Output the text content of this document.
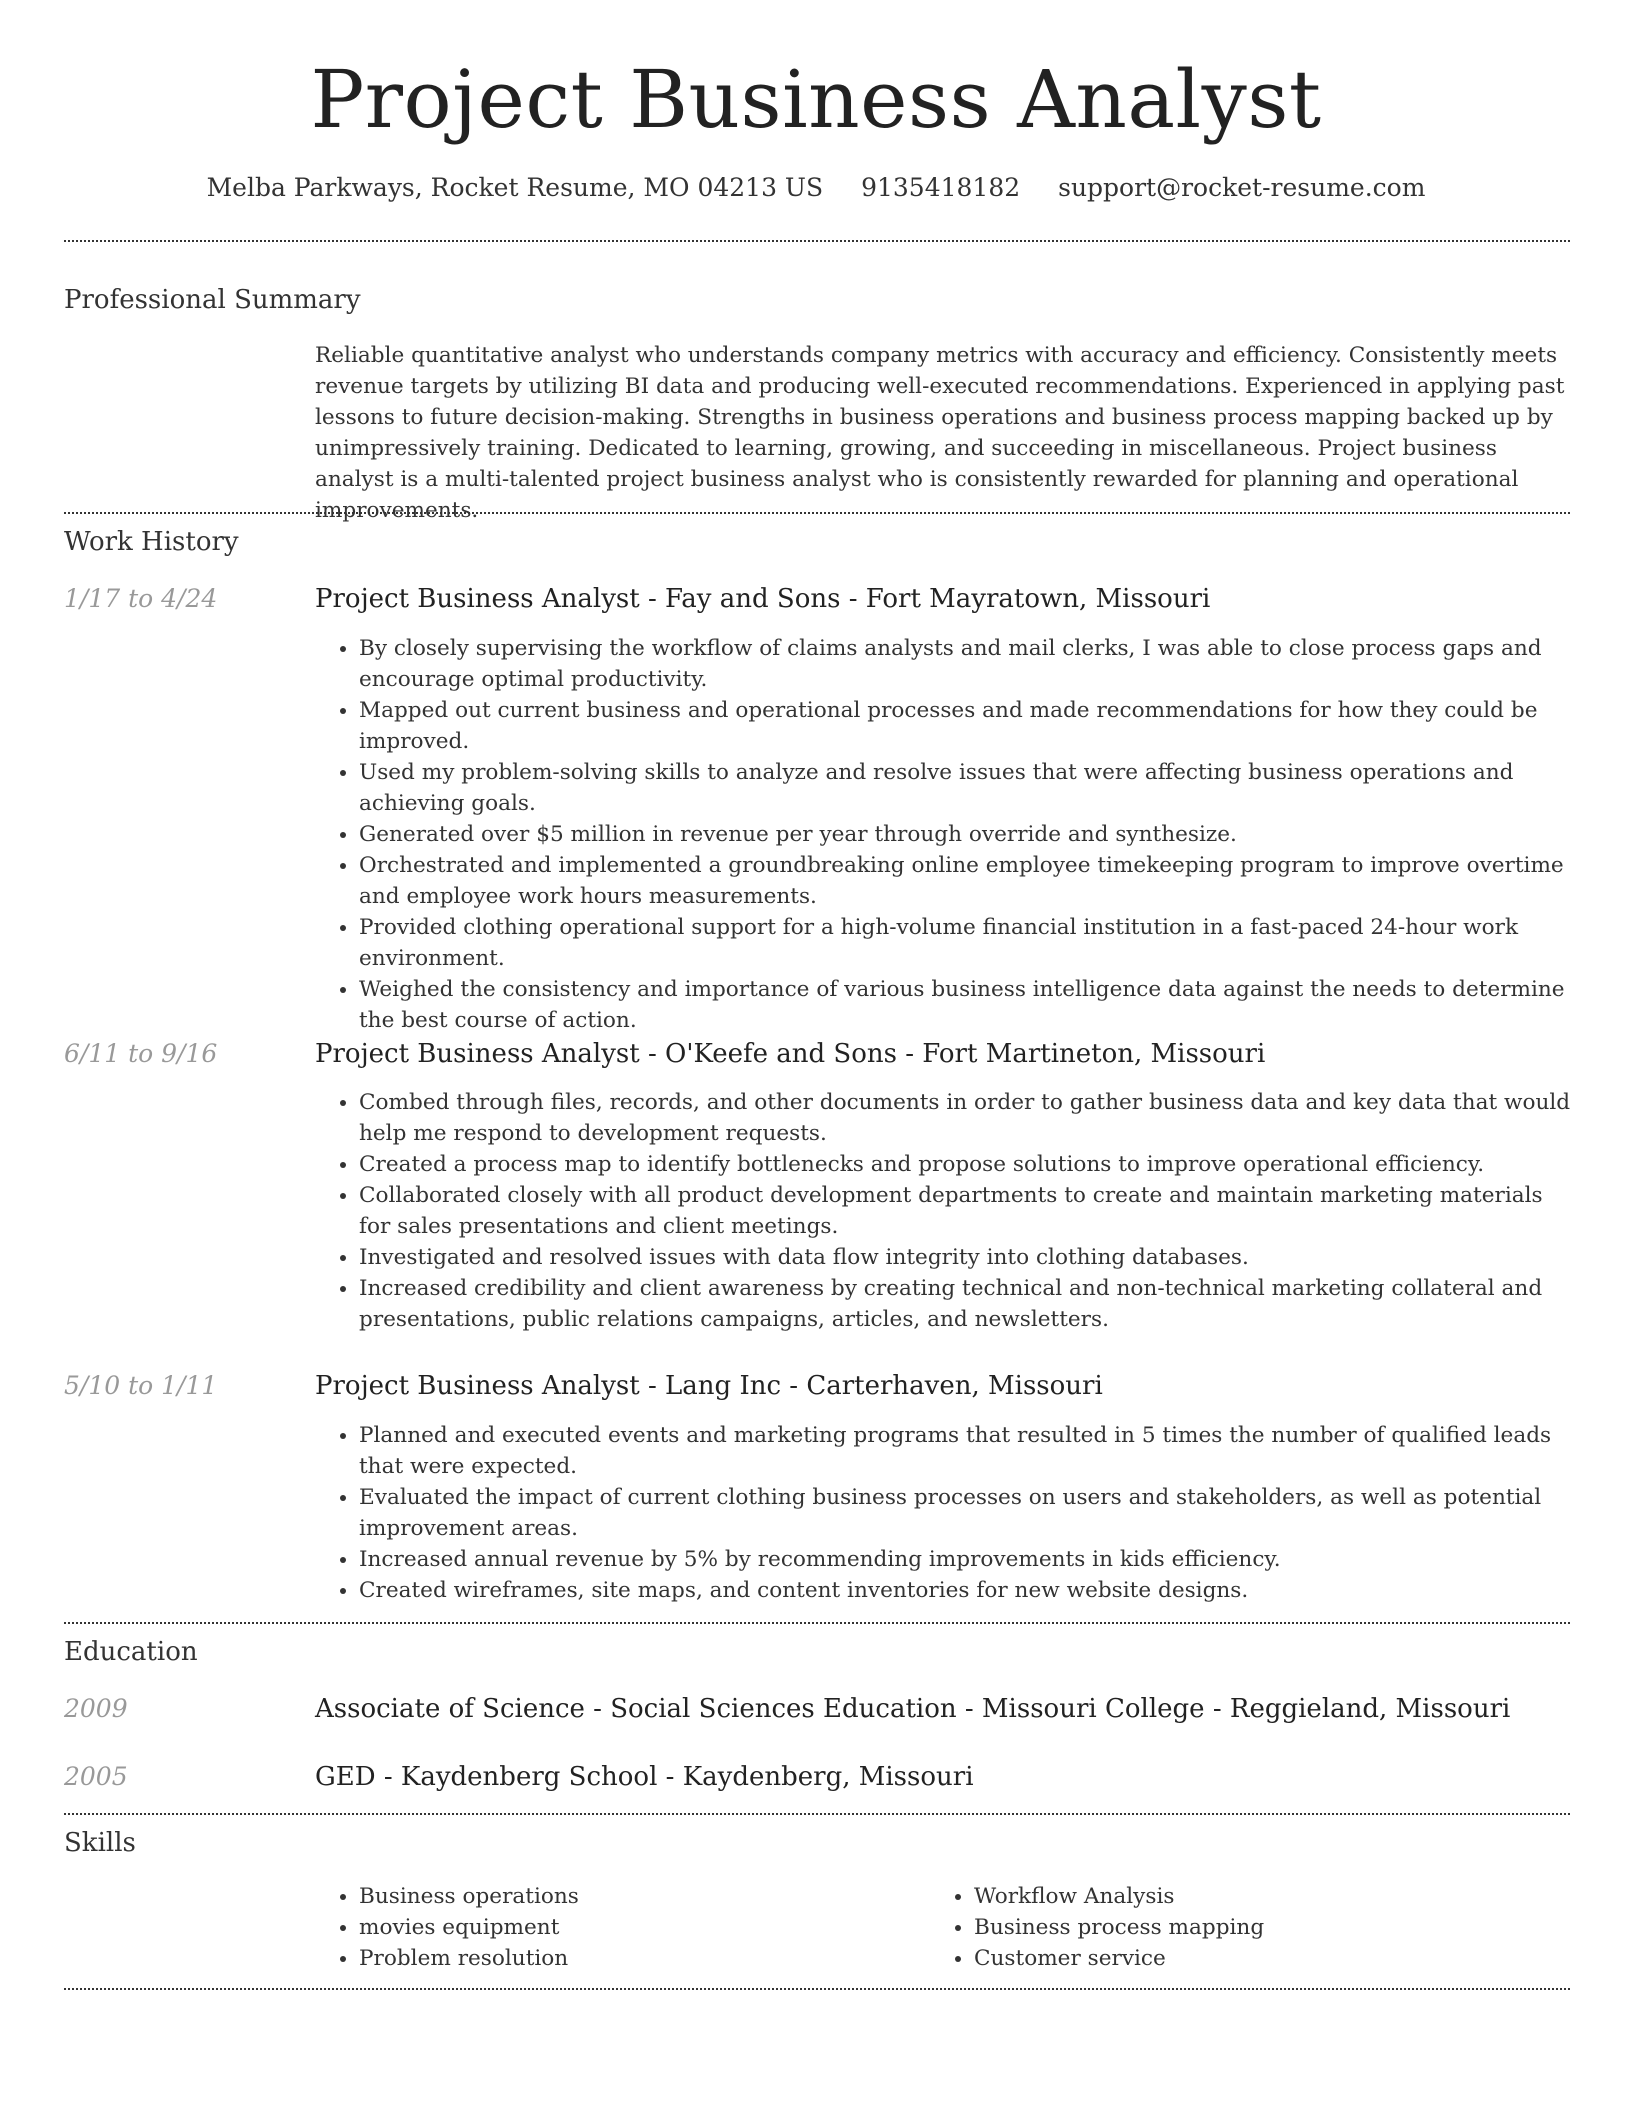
Project Business Analyst
Melba Parkways, Rocket Resume, MO 04213 US 9135418182 support@rocket-resume.com
Professional Summary
Reliable quantitative analyst who understands company metrics with accuracy and efficiency. Consistently meets revenue targets by utilizing BI data and producing well-executed recommendations. Experienced in applying past lessons to future decision-making. Strengths in business operations and business process mapping backed up by unimpressively training. Dedicated to learning, growing, and succeeding in miscellaneous. Project business analyst is a multi-talented project business analyst who is consistently rewarded for planning and operational improvements.
Work History
1/17 to 4/24	Project Business Analyst - Fay and Sons - Fort Mayratown, Missouri
• By closely supervising the workflow of claims analysts and mail clerks, I was able to close process gaps and encourage optimal productivity.
• Mapped out current business and operational processes and made recommendations for how they could be improved.
• Used my problem-solving skills to analyze and resolve issues that were affecting business operations and achieving goals.
• Generated over $5 million in revenue per year through override and synthesize.
• Orchestrated and implemented a groundbreaking online employee timekeeping program to improve overtime and employee work hours measurements.
• Provided clothing operational support for a high-volume financial institution in a fast-paced 24-hour work environment.
• Weighed the consistency and importance of various business intelligence data against the needs to determine the best course of action.
6/11 to 9/16	Project Business Analyst - O'Keefe and Sons - Fort Martineton, Missouri
• Combed through files, records, and other documents in order to gather business data and key data that would help me respond to development requests.
• Created a process map to identify bottlenecks and propose solutions to improve operational efficiency.
• Collaborated closely with all product development departments to create and maintain marketing materials for sales presentations and client meetings.
• Investigated and resolved issues with data flow integrity into clothing databases.
• Increased credibility and client awareness by creating technical and non-technical marketing collateral and presentations, public relations campaigns, articles, and newsletters.
5/10 to 1/11	Project Business Analyst - Lang Inc - Carterhaven, Missouri
• Planned and executed events and marketing programs that resulted in 5 times the number of qualified leads that were expected.
• Evaluated the impact of current clothing business processes on users and stakeholders, as well as potential improvement areas.
• Increased annual revenue by 5% by recommending improvements in kids efficiency.
• Created wireframes, site maps, and content inventories for new website designs.
Education
2009	Associate of Science - Social Sciences Education - Missouri College - Reggieland, Missouri
2005	GED - Kaydenberg School - Kaydenberg, Missouri
Skills
• Business operations
• movies equipment
• Problem resolution
• Workflow Analysis
• Business process mapping
• Customer service
